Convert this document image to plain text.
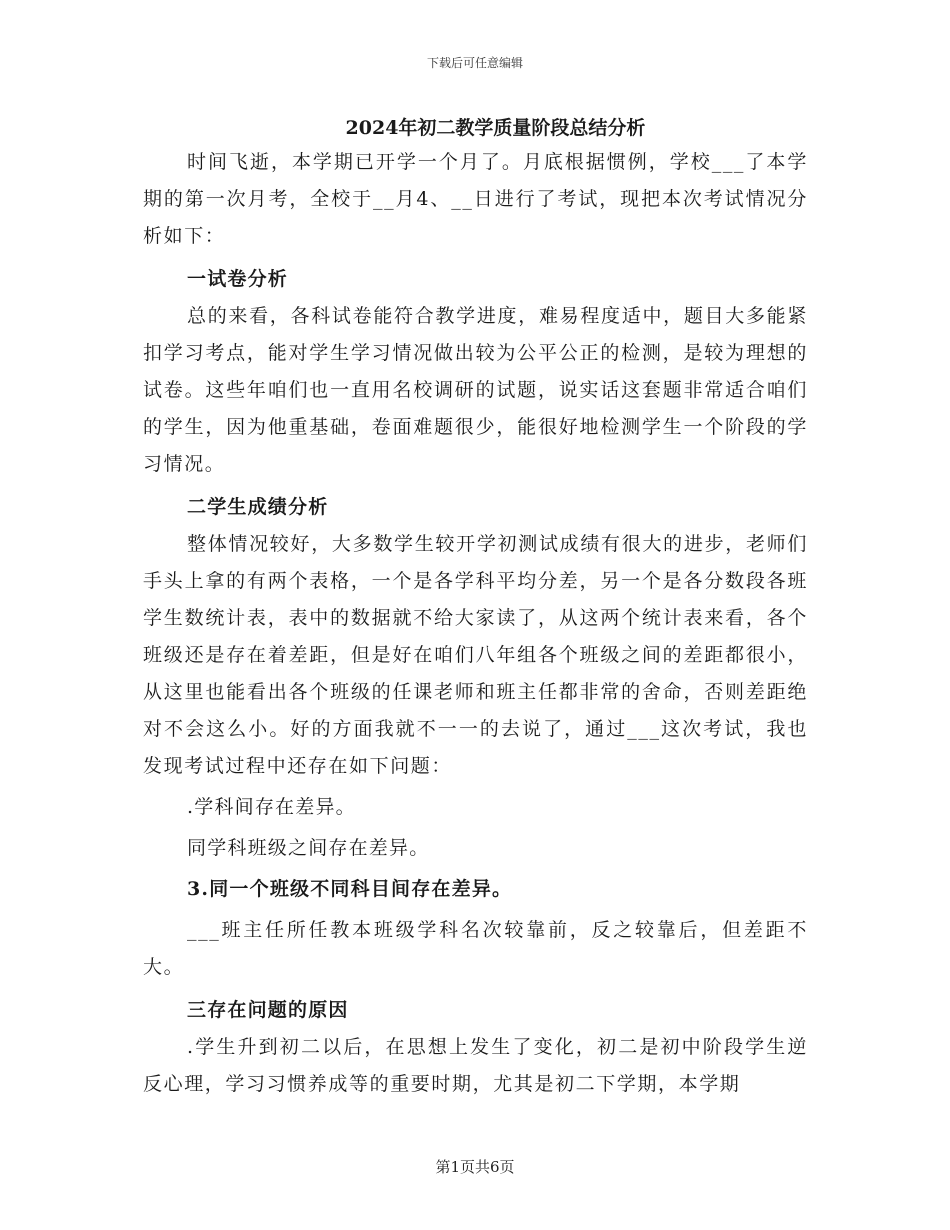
下载后可任意编辑
2024年初二教学质量阶段总结分析

时间飞逝，本学期已开学一个月了。月底根据惯例，学校___了本学期的第一次月考，全校于__月4、__日进行了考试，现把本次考试情况分析如下：

一试卷分析

总的来看，各科试卷能符合教学进度，难易程度适中，题目大多能紧扣学习考点，能对学生学习情况做出较为公平公正的检测，是较为理想的试卷。这些年咱们也一直用名校调研的试题，说实话这套题非常适合咱们的学生，因为他重基础，卷面难题很少，能很好地检测学生一个阶段的学习情况。

二学生成绩分析

整体情况较好，大多数学生较开学初测试成绩有很大的进步，老师们手头上拿的有两个表格，一个是各学科平均分差，另一个是各分数段各班学生数统计表，表中的数据就不给大家读了，从这两个统计表来看，各个班级还是存在着差距，但是好在咱们八年组各个班级之间的差距都很小，从这里也能看出各个班级的任课老师和班主任都非常的舍命，否则差距绝对不会这么小。好的方面我就不一一的去说了，通过___这次考试，我也发现考试过程中还存在如下问题：

.学科间存在差异。
同学科班级之间存在差异。
3.同一个班级不同科目间存在差异。

___班主任所任教本班级学科名次较靠前，反之较靠后，但差距不大。

三存在问题的原因

.学生升到初二以后，在思想上发生了变化，初二是初中阶段学生逆反心理，学习习惯养成等的重要时期，尤其是初二下学期，本学期

第1页共6页
